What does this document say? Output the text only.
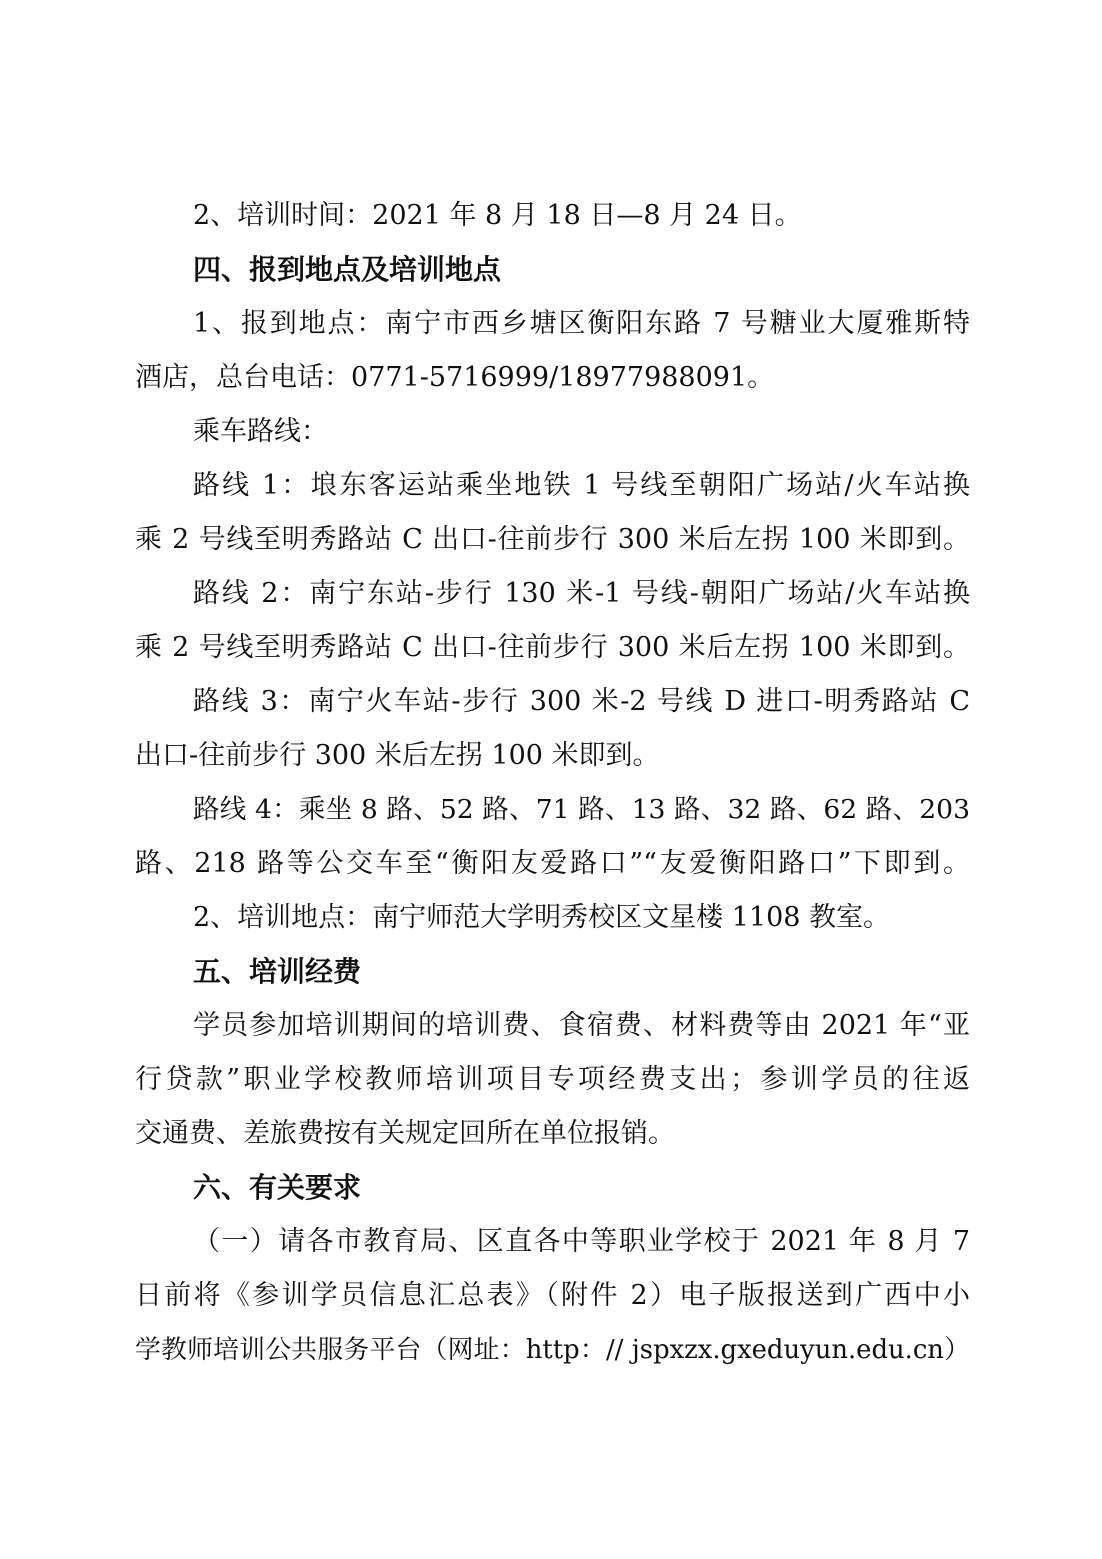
2、培训时间：2021 年 8 月 18 日—8 月 24 日。
四、报到地点及培训地点
1、报到地点：南宁市西乡塘区衡阳东路 7 号糖业大厦雅斯特
酒店，总台电话：0771-5716999/18977988091。
乘车路线：
路线 1：埌东客运站乘坐地铁 1 号线至朝阳广场站/火车站换
乘 2 号线至明秀路站 C 出口-往前步行 300 米后左拐 100 米即到。
路线 2：南宁东站-步行 130 米-1 号线-朝阳广场站/火车站换
乘 2 号线至明秀路站 C 出口-往前步行 300 米后左拐 100 米即到。
路线 3：南宁火车站-步行 300 米-2 号线 D 进口-明秀路站 C
出口-往前步行 300 米后左拐 100 米即到。
路线 4：乘坐 8 路、52 路、71 路、13 路、32 路、62 路、203
路、218 路等公交车至“衡阳友爱路口”“友爱衡阳路口”下即到。
2、培训地点：南宁师范大学明秀校区文星楼 1108 教室。
五、培训经费
学员参加培训期间的培训费、食宿费、材料费等由 2021 年“亚
行贷款”职业学校教师培训项目专项经费支出；参训学员的往返
交通费、差旅费按有关规定回所在单位报销。
六、有关要求
（一）请各市教育局、区直各中等职业学校于 2021 年 8 月 7
日前将《参训学员信息汇总表》（附件 2）电子版报送到广西中小
学教师培训公共服务平台（网址：http：// jspxzx.gxeduyun.edu.cn）
